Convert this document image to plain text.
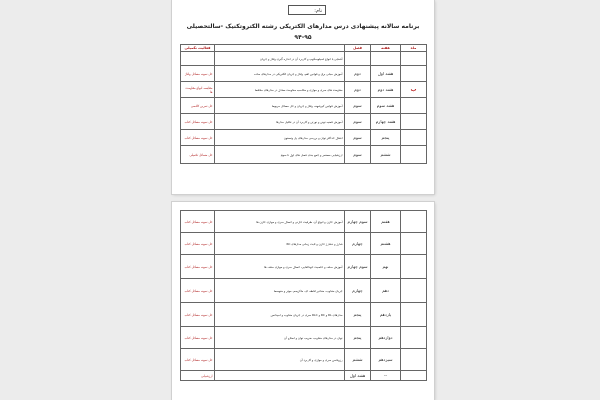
نام:
برنامه سالانه پیشنهادی درس مدارهای الکتریکی رشته الکتروتکنیک -سالتحصیلی
۹۴-۹۵
ماه	هفته	فصل		فعالیت تکمیلی
			آشنایی با انواع اسیلوسکوپ و کاربرد آن در اندازه گیری ولتاژ و جریان	
	هفته اول	دوم	آموزش مبانی برق و قوانین اهم، ولتاژ و جریان الکتریکی در مدارهای ساده	حل نمونه مسائل ولتاژ
ب	هفته دوم	دوم	مقاومت های سری و موازی و محاسبه مقاومت معادل در مدارهای مختلط	مقایسه انواع مقاومت ها
	هفته سوم	سوم	آموزش قوانین کیرشهف ولتاژ و جریان و حل مسائل مربوط	حل تمرین کلاسی
	هفته چهارم	سوم	آموزش قضیه تونن و نورتن و کاربرد آن در تحلیل مدارها	حل نمونه مسائل کتاب
	پنجم	سوم	انتقال حداکثر توان و بررسی مدارهای پل وتستون	حل نمونه مسائل کتاب
	ششم	سوم	ارزشیابی مستمر و جمع بندی فصل های اول تا سوم	حل مسائل تکمیلی
	هفتم	سوم چهارم	آموزش خازن و انواع آن، ظرفیت خازنی و اتصال سری و موازی خازن ها	حل نمونه مسائل کتاب
	هشتم	چهارم	شارژ و دشارژ خازن و ثابت زمانی مدارهای RC	حل نمونه مسائل کتاب
	نهم	سوم چهارم	آموزش سلف و خاصیت خودالقایی، اتصال سری و موازی سلف ها	حل نمونه مسائل کتاب
	دهم	چهارم	جریان متناوب، مقادیر لحظه ای، ماکزیمم، موثر و متوسط	حل نمونه مسائل کتاب
	یازدهم	پنجم	مدارهای RL و RC و RLC سری در جریان متناوب و امپدانس	حل نمونه مسائل کتاب
	دوازدهم	پنجم	توان در مدارهای متناوب، ضریب توان و اصلاح آن	حل نمونه مسائل کتاب
	سیزدهم	ششم	رزونانس سری و موازی و کاربرد آن	حل نمونه مسائل کتاب
	--	هفته اول		ارزشیابی
